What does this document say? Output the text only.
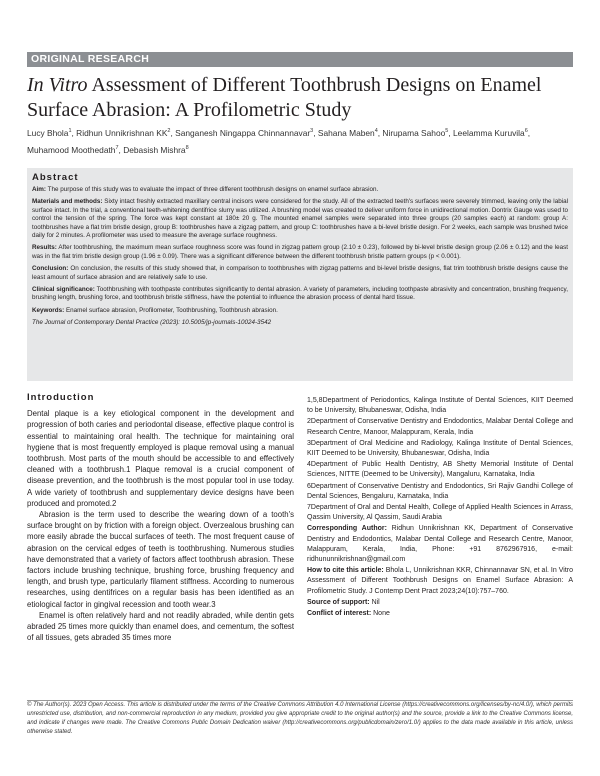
ORIGINAL RESEARCH
In Vitro Assessment of Different Toothbrush Designs on Enamel Surface Abrasion: A Profilometric Study
Lucy Bhola$^1$, Ridhun Unnikrishnan $KK^2$, Sanganesh Ningappa Chinnannavar$^3$, Sahana Maben$^4$, Nirupama Sahoo$^5$, Leelamma Kuruvila$^6$, Muhamood Moothedath$^7$, Debasish Mishra$^8$
Abstract

Aim: The purpose of this study was to evaluate the impact of three different toothbrush designs on enamel surface abrasion.

Materials and methods: Sixty intact freshly extracted maxillary central incisors were considered for the study. All of the extracted teeth's surfaces were severely trimmed, leaving only the labial surface intact. In the trial, a conventional teeth-whitening dentifrice slurry was utilized. A brushing model was created to deliver uniform force in unidirectional motion. Dontrix Gauge was used to control the tension of the spring. The force was kept constant at 180± 20 g. The mounted enamel samples were separated into three groups (20 samples each) at random: group A: toothbrushes have a flat trim bristle design, group B: toothbrushes have a zigzag pattern, and group C: toothbrushes have a bi-level bristle design. For 2 weeks, each sample was brushed twice daily for 2 minutes. A profilometer was used to measure the average surface roughness.

Results: After toothbrushing, the maximum mean surface roughness score was found in zigzag pattern group (2.10 ± 0.23), followed by bi-level bristle design group (2.06 ± 0.12) and the least was in the flat trim bristle design group (1.96 ± 0.09). There was a significant difference between the different toothbrush bristle pattern groups (p < 0.001).

Conclusion: On conclusion, the results of this study showed that, in comparison to toothbrushes with zigzag patterns and bi-level bristle designs, flat trim toothbrush bristle designs cause the least amount of surface abrasion and are relatively safe to use.

Clinical significance: Toothbrushing with toothpaste contributes significantly to dental abrasion. A variety of parameters, including toothpaste abrasivity and concentration, brushing frequency, brushing length, brushing force, and toothbrush bristle stiffness, have the potential to influence the abrasion process of dental hard tissue.

Keywords: Enamel surface abrasion, Profilometer, Toothbrushing, Toothbrush abrasion.

The Journal of Contemporary Dental Practice (2023): 10.5005/jp-journals-10024-3542
Introduction

Dental plaque is a key etiological component in the development and progression of both caries and periodontal disease, effective plaque control is essential to maintaining oral health. The technique for maintaining oral hygiene that is most frequently employed is plaque removal using a manual toothbrush. Most parts of the mouth should be accessible to and effectively cleaned with a toothbrush.1 Plaque removal is a crucial component of disease prevention, and the toothbrush is the most popular tool in use today. A wide variety of toothbrush and supplementary device designs have been produced and promoted.2

Abrasion is the term used to describe the wearing down of a tooth's surface brought on by friction with a foreign object. Overzealous brushing can more easily abrade the buccal surfaces of teeth. The most frequent cause of abrasion on the cervical edges of teeth is toothbrushing. Numerous studies have demonstrated that a variety of factors affect toothbrush abrasion. These factors include brushing technique, brushing force, brushing frequency and length, and brush type, particularly filament stiffness. According to numerous researches, using dentifrices on a regular basis has been identified as an etiological factor in gingival recession and tooth wear.3

Enamel is often relatively hard and not readily abraded, while dentin gets abraded 25 times more quickly than enamel does, and cementum, the softest of all tissues, gets abraded 35 times more

1,5,8Department of Periodontics, Kalinga Institute of Dental Sciences, KIIT Deemed to be University, Bhubaneswar, Odisha, India

2Department of Conservative Dentistry and Endodontics, Malabar Dental College and Research Centre, Manoor, Malappuram, Kerala, India

3Department of Oral Medicine and Radiology, Kalinga Institute of Dental Sciences, KIIT Deemed to be University, Bhubaneswar, Odisha, India

4Department of Public Health Dentistry, AB Shetty Memorial Institute of Dental Sciences, NITTE (Deemed to be University), Mangaluru, Karnataka, India

6Department of Conservative Dentistry and Endodontics, Sri Rajiv Gandhi College of Dental Sciences, Bengaluru, Karnataka, India

7Department of Oral and Dental Health, College of Applied Health Sciences in Arrass, Qassim University, Al Qassim, Saudi Arabia

Corresponding Author: Ridhun Unnikrishnan KK, Department of Conservative Dentistry and Endodontics, Malabar Dental College and Research Centre, Manoor, Malappuram, Kerala, India, Phone: +91 8762967916, e-mail: ridhununnikrishnan@gmail.com

How to cite this article: Bhola L, Unnikrishnan KKR, Chinnannavar SN, et al. In Vitro Assessment of Different Toothbrush Designs on Enamel Surface Abrasion: A Profilometric Study. J Contemp Dent Pract 2023;24(10):757–760.

Source of support: Nil

Conflict of interest: None

© The Author(s). 2023 Open Access. This article is distributed under the terms of the Creative Commons Attribution 4.0 International License (https://creativecommons.org/licenses/by-nc/4.0/), which permits unrestricted use, distribution, and non-commercial reproduction in any medium, provided you give appropriate credit to the original author(s) and the source, provide a link to the Creative Commons license, and indicate if changes were made. The Creative Commons Public Domain Dedication waiver (http://creativecommons.org/publicdomain/zero/1.0/) applies to the data made available in this article, unless otherwise stated.
